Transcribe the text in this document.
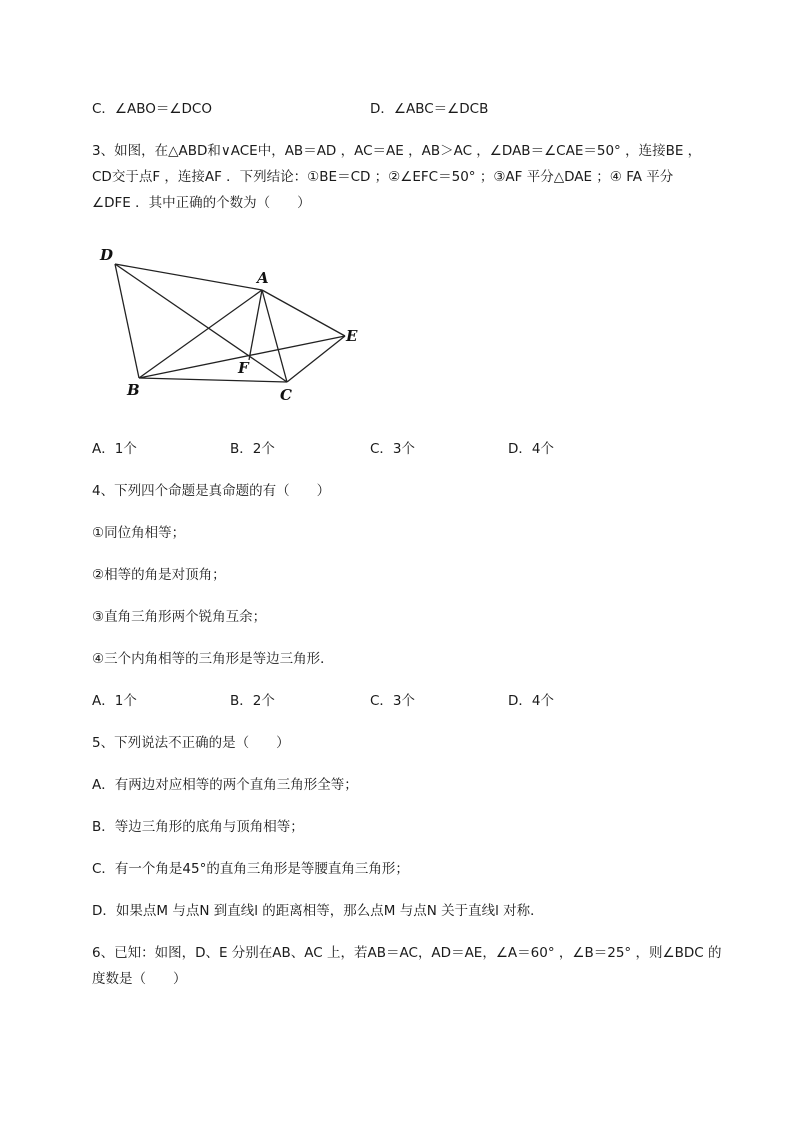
C．∠ABO＝∠DCO	D．∠ABC＝∠DCB
3、如图，在△ABD和∨ACE中，AB＝AD ，AC＝AE ，AB＞AC ，∠DAB＝∠CAE＝50° ，连接BE ，
CD交于点F ，连接AF ．下列结论：①BE＝CD ；②∠EFC＝50° ；③AF 平分△DAE ；④ FA 平分
∠DFE ．其中正确的个数为（　　）
D
A
E
F
B	C
A．1个	B．2个	C．3个	D．4个
4、下列四个命题是真命题的有（　　）
①同位角相等；
②相等的角是对顶角；
③直角三角形两个锐角互余；
④三个内角相等的三角形是等边三角形．
A．1个	B．2个	C．3个	D．4个
5、下列说法不正确的是（　　）
A．有两边对应相等的两个直角三角形全等；
B．等边三角形的底角与顶角相等；
C．有一个角是45°的直角三角形是等腰直角三角形；
D．如果点M 与点N 到直线l 的距离相等，那么点M 与点N 关于直线l 对称．
6、已知：如图，D、E 分别在AB、AC 上，若AB＝AC，AD＝AE，∠A＝60° ，∠B＝25° ，则∠BDC 的
度数是（　　）
